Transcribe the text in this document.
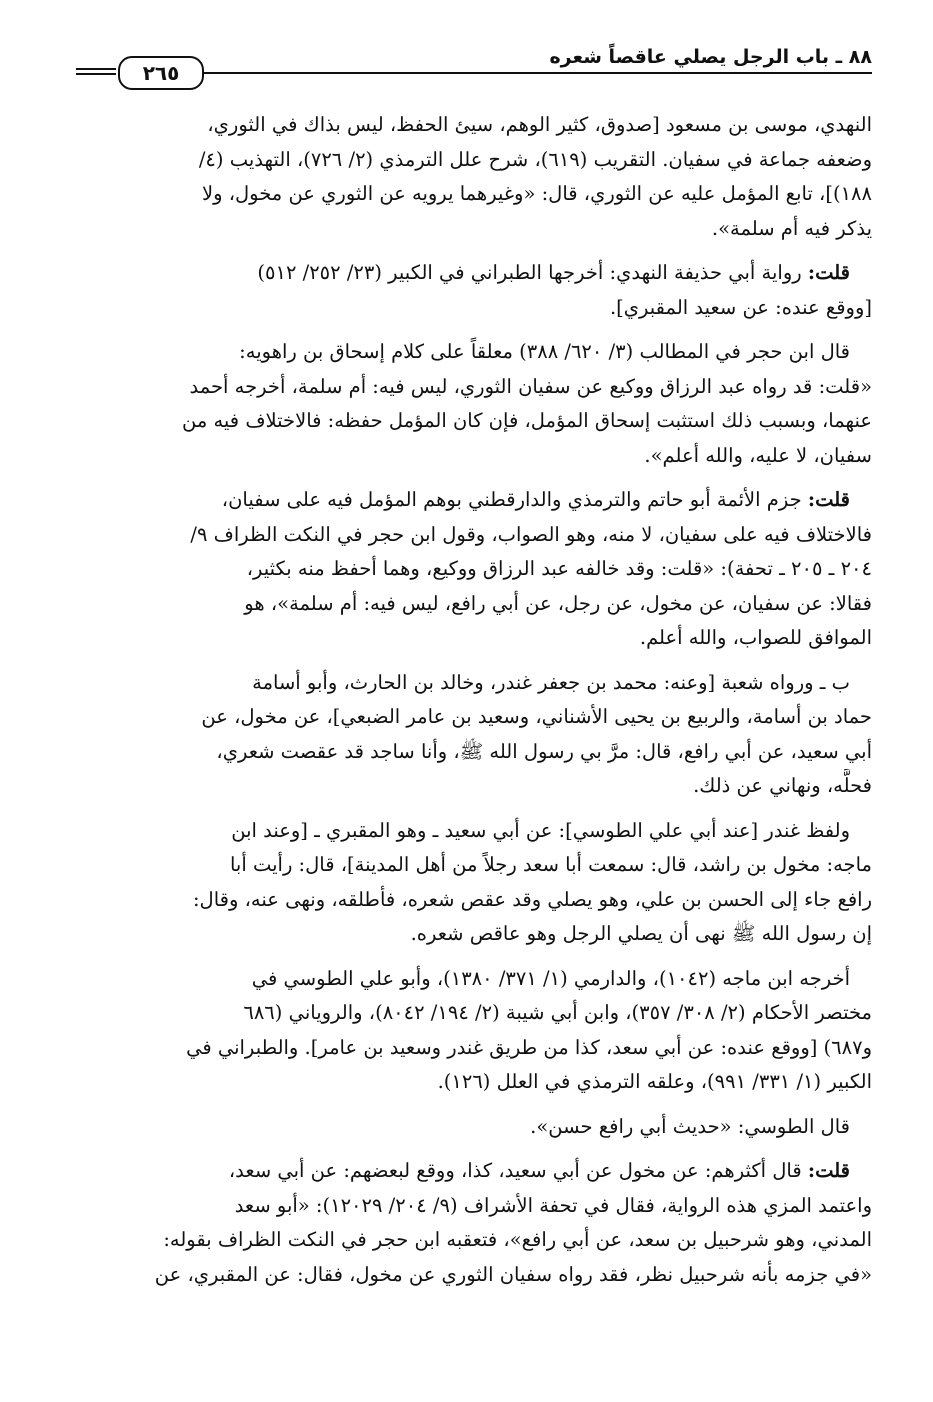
٨٨ ـ باب الرجل يصلي عاقصاً شعره
٢٦٥
النهدي، موسى بن مسعود [صدوق، كثير الوهم، سيئ الحفظ، ليس بذاك في الثوري،
وضعفه جماعة في سفيان. التقريب (٦١٩)، شرح علل الترمذي (٢/ ٧٢٦)، التهذيب (٤/
١٨٨)]، تابع المؤمل عليه عن الثوري، قال: «وغيرهما يرويه عن الثوري عن مخول، ولا
يذكر فيه أم سلمة».
قلت: رواية أبي حذيفة النهدي: أخرجها الطبراني في الكبير (٢٣/ ٢٥٢/ ٥١٢)
[ووقع عنده: عن سعيد المقبري].
قال ابن حجر في المطالب (٣/ ٦٢٠/ ٣٨٨) معلقاً على كلام إسحاق بن راهويه:
«قلت: قد رواه عبد الرزاق ووكيع عن سفيان الثوري، ليس فيه: أم سلمة، أخرجه أحمد
عنهما، وبسبب ذلك استثبت إسحاق المؤمل، فإن كان المؤمل حفظه: فالاختلاف فيه من
سفيان، لا عليه، والله أعلم».
قلت: جزم الأئمة أبو حاتم والترمذي والدارقطني بوهم المؤمل فيه على سفيان،
فالاختلاف فيه على سفيان، لا منه، وهو الصواب، وقول ابن حجر في النكت الظراف ٩/
٢٠٤ ـ ٢٠٥ ـ تحفة): «قلت: وقد خالفه عبد الرزاق ووكيع، وهما أحفظ منه بكثير،
فقالا: عن سفيان، عن مخول، عن رجل، عن أبي رافع، ليس فيه: أم سلمة»، هو
الموافق للصواب، والله أعلم.
ب ـ ورواه شعبة [وعنه: محمد بن جعفر غندر، وخالد بن الحارث، وأبو أسامة
حماد بن أسامة، والربيع بن يحيى الأشناني، وسعيد بن عامر الضبعي]، عن مخول، عن
أبي سعيد، عن أبي رافع، قال: مرَّ بي رسول الله ﷺ، وأنا ساجد قد عقصت شعري،
فحلَّه، ونهاني عن ذلك.
ولفظ غندر [عند أبي علي الطوسي]: عن أبي سعيد ـ وهو المقبري ـ [وعند ابن
ماجه: مخول بن راشد، قال: سمعت أبا سعد رجلاً من أهل المدينة]، قال: رأيت أبا
رافع جاء إلى الحسن بن علي، وهو يصلي وقد عقص شعره، فأطلقه، ونهى عنه، وقال:
إن رسول الله ﷺ نهى أن يصلي الرجل وهو عاقص شعره.
أخرجه ابن ماجه (١٠٤٢)، والدارمي (١/ ٣٧١/ ١٣٨٠)، وأبو علي الطوسي في
مختصر الأحكام (٢/ ٣٠٨/ ٣٥٧)، وابن أبي شيبة (٢/ ١٩٤/ ٨٠٤٢)، والروياني (٦٨٦
و٦٨٧) [ووقع عنده: عن أبي سعد، كذا من طريق غندر وسعيد بن عامر]. والطبراني في
الكبير (١/ ٣٣١/ ٩٩١)، وعلقه الترمذي في العلل (١٢٦).
قال الطوسي: «حديث أبي رافع حسن».
قلت: قال أكثرهم: عن مخول عن أبي سعيد، كذا، ووقع لبعضهم: عن أبي سعد،
واعتمد المزي هذه الرواية، فقال في تحفة الأشراف (٩/ ٢٠٤/ ١٢٠٢٩): «أبو سعد
المدني، وهو شرحبيل بن سعد، عن أبي رافع»، فتعقبه ابن حجر في النكت الظراف بقوله:
«في جزمه بأنه شرحبيل نظر، فقد رواه سفيان الثوري عن مخول، فقال: عن المقبري، عن
